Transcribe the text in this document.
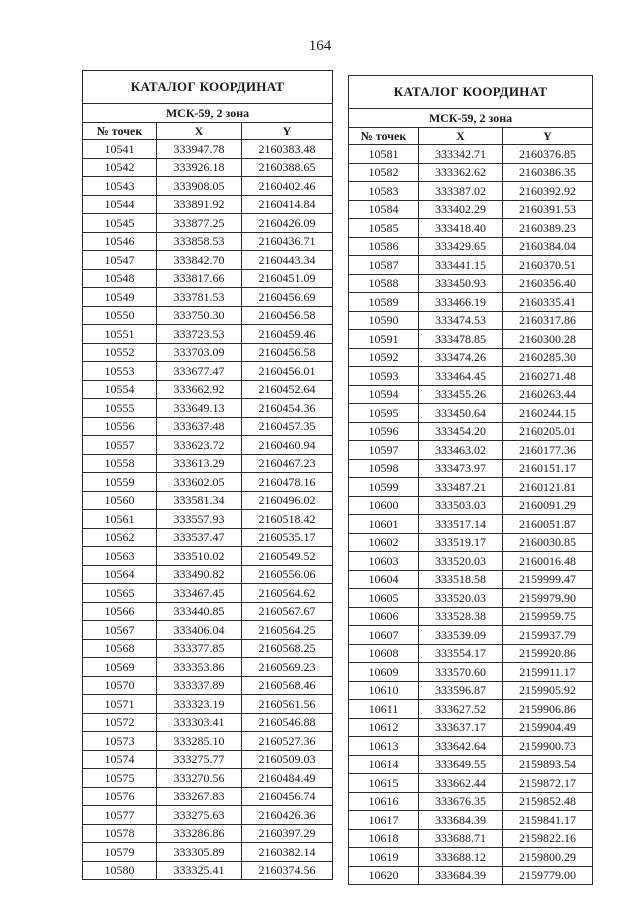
164
КАТАЛОГ КООРДИНАТ		
МСК-59, 2 зона		
№ точек	X	Y
10541	333947.78	2160383.48
10542	333926.18	2160388.65
10543	333908.05	2160402.46
10544	333891.92	2160414.84
10545	333877.25	2160426.09
10546	333858.53	2160436.71
10547	333842.70	2160443.34
10548	333817.66	2160451.09
10549	333781.53	2160456.69
10550	333750.30	2160456.58
10551	333723.53	2160459.46
10552	333703.09	2160456.58
10553	333677.47	2160456.01
10554	333662.92	2160452.64
10555	333649.13	2160454.36
10556	333637.48	2160457.35
10557	333623.72	2160460.94
10558	333613.29	2160467.23
10559	333602.05	2160478.16
10560	333581.34	2160496.02
10561	333557.93	2160518.42
10562	333537.47	2160535.17
10563	333510.02	2160549.52
10564	333490.82	2160556.06
10565	333467.45	2160564.62
10566	333440.85	2160567.67
10567	333406.04	2160564.25
10568	333377.85	2160568.25
10569	333353.86	2160569.23
10570	333337.89	2160568.46
10571	333323.19	2160561.56
10572	333303.41	2160546.88
10573	333285.10	2160527.36
10574	333275.77	2160509.03
10575	333270.56	2160484.49
10576	333267.83	2160456.74
10577	333275.63	2160426.36
10578	333286.86	2160397.29
10579	333305.89	2160382.14
10580	333325.41	2160374.56
КАТАЛОГ КООРДИНАТ		
МСК-59, 2 зона		
№ точек	X	Y
10581	333342.71	2160376.85
10582	333362.62	2160386.35
10583	333387.02	2160392.92
10584	333402.29	2160391.53
10585	333418.40	2160389.23
10586	333429.65	2160384.04
10587	333441.15	2160370.51
10588	333450.93	2160356.40
10589	333466.19	2160335.41
10590	333474.53	2160317.86
10591	333478.85	2160300.28
10592	333474.26	2160285.30
10593	333464.45	2160271.48
10594	333455.26	2160263.44
10595	333450.64	2160244.15
10596	333454.20	2160205.01
10597	333463.02	2160177.36
10598	333473.97	2160151.17
10599	333487.21	2160121.81
10600	333503.03	2160091.29
10601	333517.14	2160051.87
10602	333519.17	2160030.85
10603	333520.03	2160016.48
10604	333518.58	2159999.47
10605	333520.03	2159979.90
10606	333528.38	2159959.75
10607	333539.09	2159937.79
10608	333554.17	2159920.86
10609	333570.60	2159911.17
10610	333596.87	2159905.92
10611	333627.52	2159906.86
10612	333637.17	2159904.49
10613	333642.64	2159900.73
10614	333649.55	2159893.54
10615	333662.44	2159872.17
10616	333676.35	2159852.48
10617	333684.39	2159841.17
10618	333688.71	2159822.16
10619	333688.12	2159800.29
10620	333684.39	2159779.00
